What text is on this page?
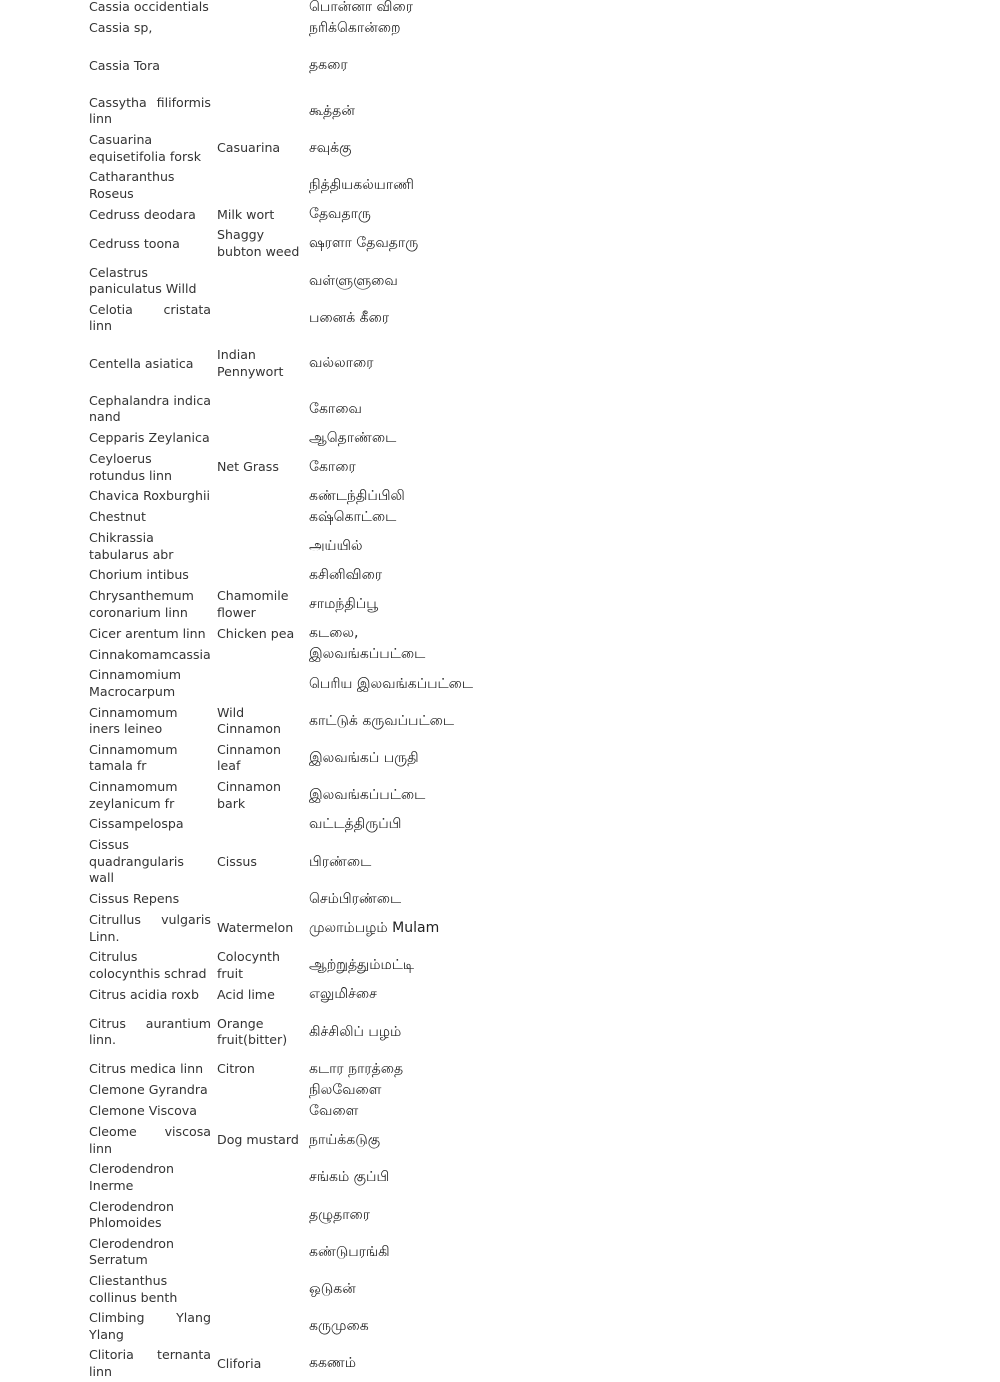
Cassia occidentials		பொன்னா விரை
Cassia sp,		நரிக்கொன்றை
Cassia Tora		தகரை
Cassytha filiformis linn		கூத்தன்
Casuarina equisetifolia forsk	Casuarina	சவுக்கு
Catharanthus Roseus		நித்தியகல்யாணி
Cedruss deodara	Milk wort	தேவதாரு
Cedruss toona	Shaggy bubton weed	ஷரளா தேவதாரு
Celastrus paniculatus Willd		வள்ளுளுவை
Celotia cristata linn		பனைக் கீரை
Centella asiatica	Indian Pennywort	வல்லாரை
Cephalandra indica nand		கோவை
Cepparis Zeylanica		ஆதொண்டை
Ceyloerus rotundus linn	Net Grass	கோரை
Chavica Roxburghii		கண்டந்திப்பிலி
Chestnut		கஷ்கொட்டை
Chikrassia tabularus abr		அய்யில்
Chorium intibus		கசினிவிரை
Chrysanthemum coronarium linn	Chamomile flower	சாமந்திப்பூ
Cicer arentum linn	Chicken pea	கடலை,
Cinnakomamcassia		இலவங்கப்பட்டை
Cinnamomium Macrocarpum		பெரிய இலவங்கப்பட்டை
Cinnamomum iners leineo	Wild Cinnamon	காட்டுக் கருவப்பட்டை
Cinnamomum tamala fr	Cinnamon leaf	இலவங்கப் பருதி
Cinnamomum zeylanicum fr	Cinnamon bark	இலவங்கப்பட்டை
Cissampelospa		வட்டத்திருப்பி
Cissus quadrangularis wall	Cissus	பிரண்டை
Cissus Repens		செம்பிரண்டை
Citrullus vulgaris Linn.	Watermelon	முலாம்பழம் Mulam
Citrulus colocynthis schrad	Colocynth fruit	ஆற்றுத்தும்மட்டி
Citrus acidia roxb	Acid lime	எலுமிச்சை
Citrus aurantium linn.	Orange fruit(bitter)	கிச்சிலிப் பழம்
Citrus medica linn	Citron	கடார நாரத்தை
Clemone Gyrandra		நிலவேளை
Clemone Viscova		வேளை
Cleome viscosa linn	Dog mustard	நாய்க்கடுகு
Clerodendron Inerme		சங்கம் குப்பி
Clerodendron Phlomoides		தழுதாரை
Clerodendron Serratum		கண்டுபரங்கி
Cliestanthus collinus benth		ஒடுகன்
Climbing Ylang Ylang		கருமுகை
Clitoria ternanta linn	Cliforia	ககணம்
